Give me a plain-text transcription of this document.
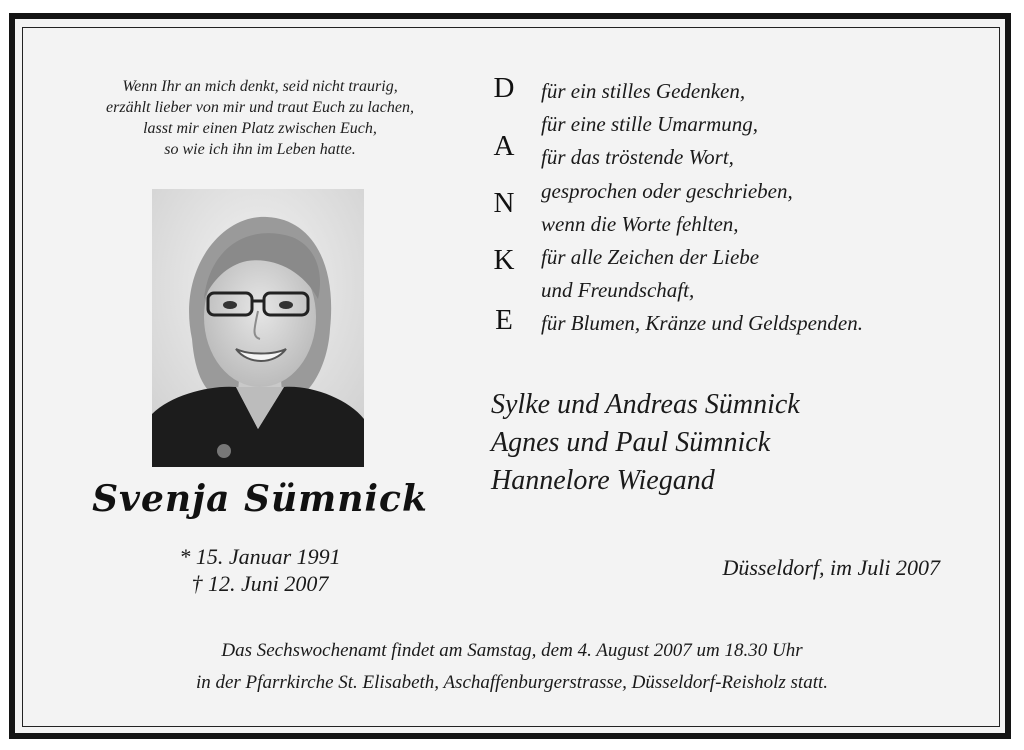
Wenn Ihr an mich denkt, seid nicht traurig,
erzählt lieber von mir und traut Euch zu lachen,
lasst mir einen Platz zwischen Euch,
so wie ich ihn im Leben hatte.
Svenja Sümnick
* 15. Januar 1991
† 12. Juni 2007
D
A
N
K
E
für ein stilles Gedenken,
für eine stille Umarmung,
für das tröstende Wort,
gesprochen oder geschrieben,
wenn die Worte fehlten,
für alle Zeichen der Liebe
und Freundschaft,
für Blumen, Kränze und Geldspenden.
Sylke und Andreas Sümnick
Agnes und Paul Sümnick
Hannelore Wiegand
Düsseldorf, im Juli 2007
Das Sechswochenamt findet am Samstag, dem 4. August 2007 um 18.30 Uhr
in der Pfarrkirche St. Elisabeth, Aschaffenburgerstrasse, Düsseldorf-Reisholz statt.
